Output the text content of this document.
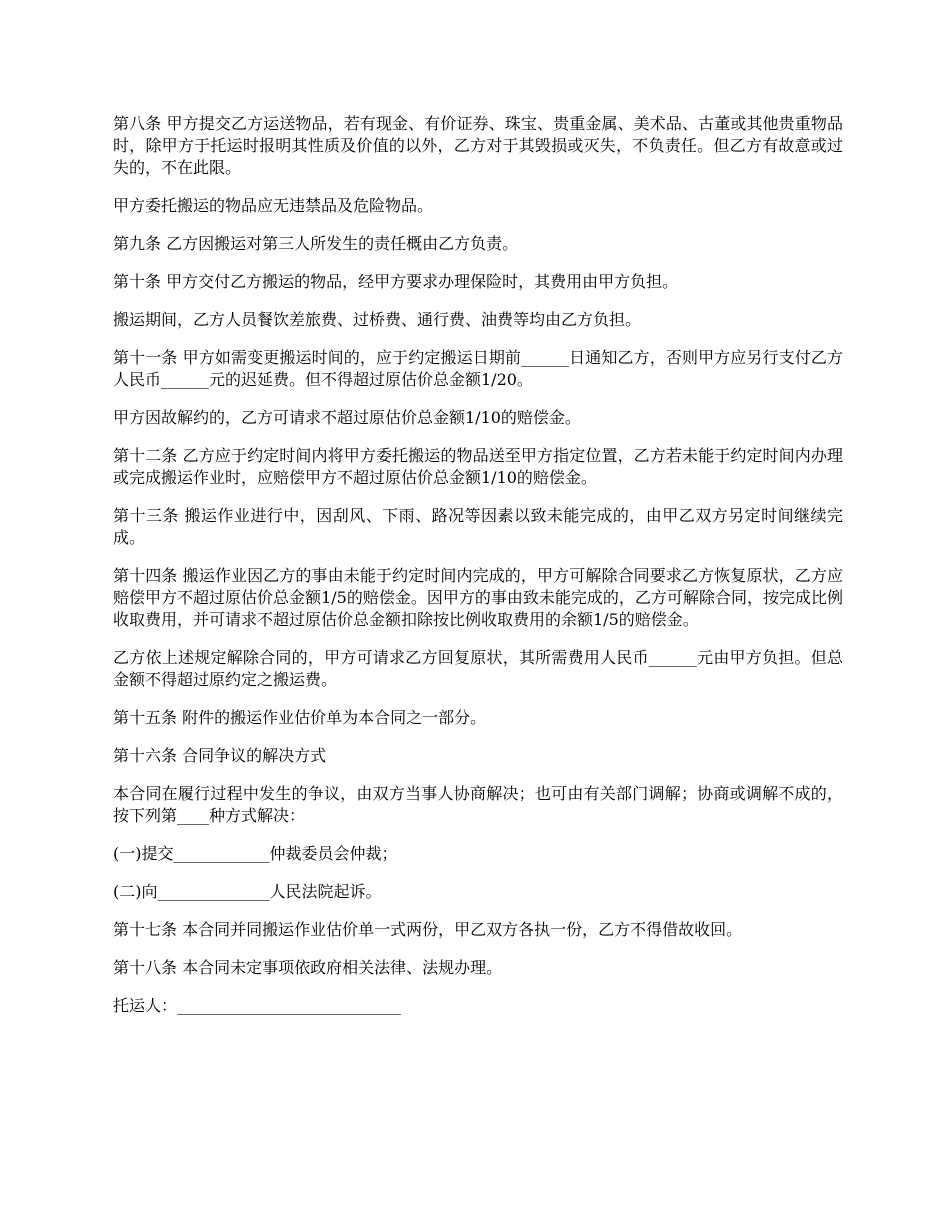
第八条 甲方提交乙方运送物品，若有现金、有价证券、珠宝、贵重金属、美术品、古董或其他贵重物品时，除甲方于托运时报明其性质及价值的以外，乙方对于其毁损或灭失，不负责任。但乙方有故意或过失的，不在此限。

甲方委托搬运的物品应无违禁品及危险物品。

第九条 乙方因搬运对第三人所发生的责任概由乙方负责。

第十条 甲方交付乙方搬运的物品，经甲方要求办理保险时，其费用由甲方负担。

搬运期间，乙方人员餐饮差旅费、过桥费、通行费、油费等均由乙方负担。

第十一条 甲方如需变更搬运时间的，应于约定搬运日期前______日通知乙方，否则甲方应另行支付乙方人民币______元的迟延费。但不得超过原估价总金额1/20。

甲方因故解约的，乙方可请求不超过原估价总金额1/10的赔偿金。

第十二条 乙方应于约定时间内将甲方委托搬运的物品送至甲方指定位置，乙方若未能于约定时间内办理或完成搬运作业时，应赔偿甲方不超过原估价总金额1/10的赔偿金。

第十三条 搬运作业进行中，因刮风、下雨、路况等因素以致未能完成的，由甲乙双方另定时间继续完成。

第十四条 搬运作业因乙方的事由未能于约定时间内完成的，甲方可解除合同要求乙方恢复原状，乙方应赔偿甲方不超过原估价总金额1/5的赔偿金。因甲方的事由致未能完成的，乙方可解除合同，按完成比例收取费用，并可请求不超过原估价总金额扣除按比例收取费用的余额1/5的赔偿金。

乙方依上述规定解除合同的，甲方可请求乙方回复原状，其所需费用人民币______元由甲方负担。但总金额不得超过原约定之搬运费。

第十五条 附件的搬运作业估价单为本合同之一部分。

第十六条 合同争议的解决方式

本合同在履行过程中发生的争议，由双方当事人协商解决；也可由有关部门调解；协商或调解不成的，按下列第____种方式解决：

(一)提交____________仲裁委员会仲裁；

(二)向______________人民法院起诉。

第十七条 本合同并同搬运作业估价单一式两份，甲乙双方各执一份，乙方不得借故收回。

第十八条 本合同未定事项依政府相关法律、法规办理。

托运人：____________________________
